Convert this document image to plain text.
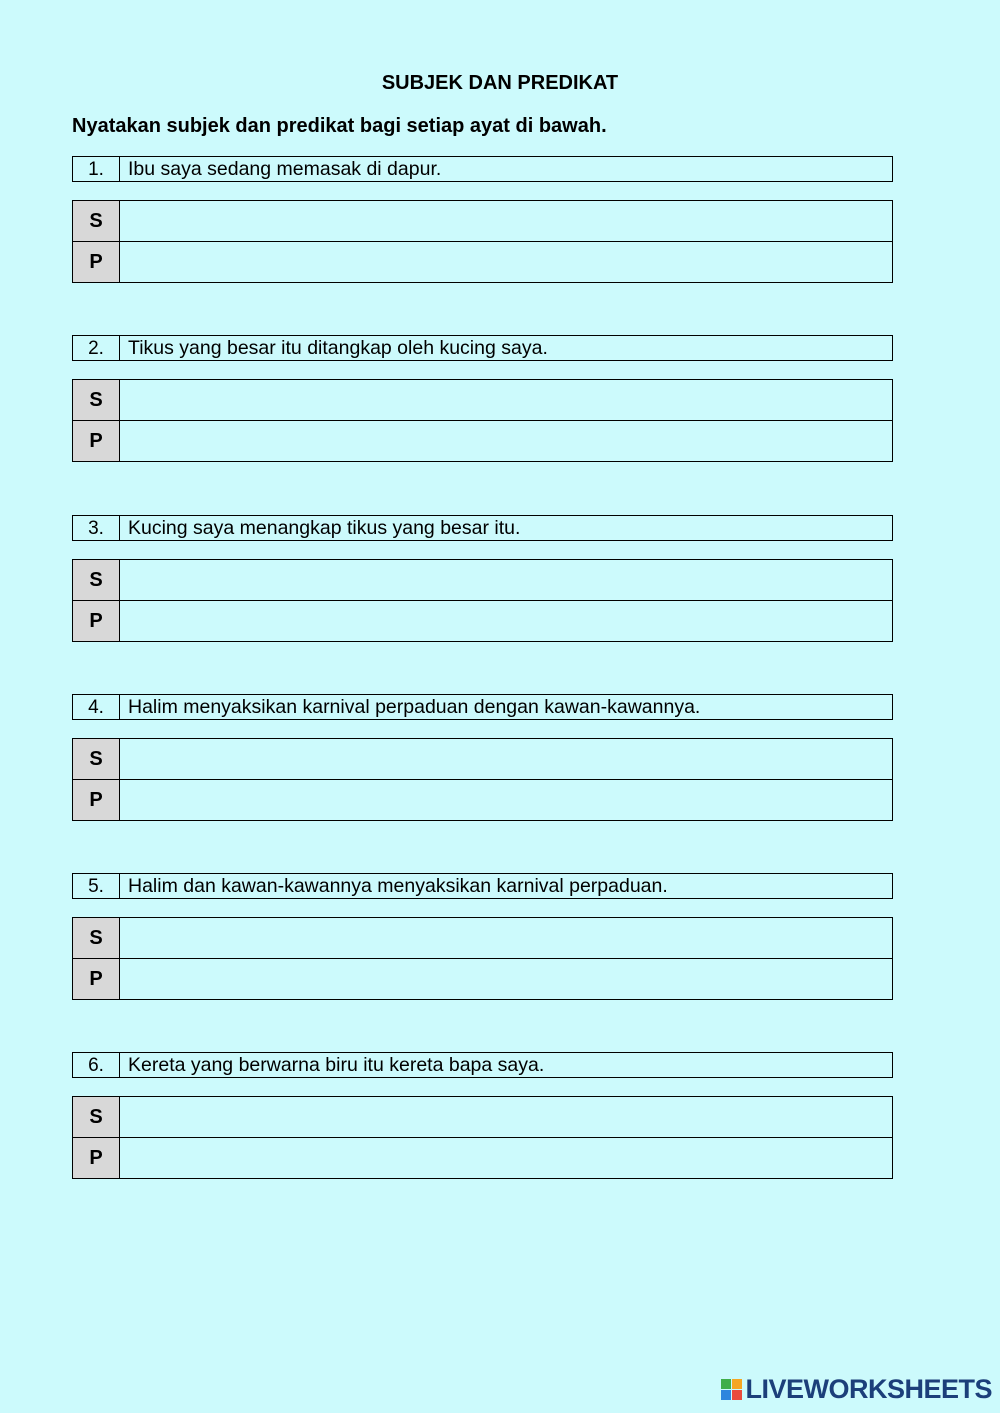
SUBJEK DAN PREDIKAT
Nyatakan subjek dan predikat bagi setiap ayat di bawah.
1.	Ibu saya sedang memasak di dapur.
S
P
2.	Tikus yang besar itu ditangkap oleh kucing saya.
S
P
3.	Kucing saya menangkap tikus yang besar itu.
S
P
4.	Halim menyaksikan karnival perpaduan dengan kawan-kawannya.
S
P
5.	Halim dan kawan-kawannya menyaksikan karnival perpaduan.
S
P
6.	Kereta yang berwarna biru itu kereta bapa saya.
S
P
LIVEWORKSHEETS
